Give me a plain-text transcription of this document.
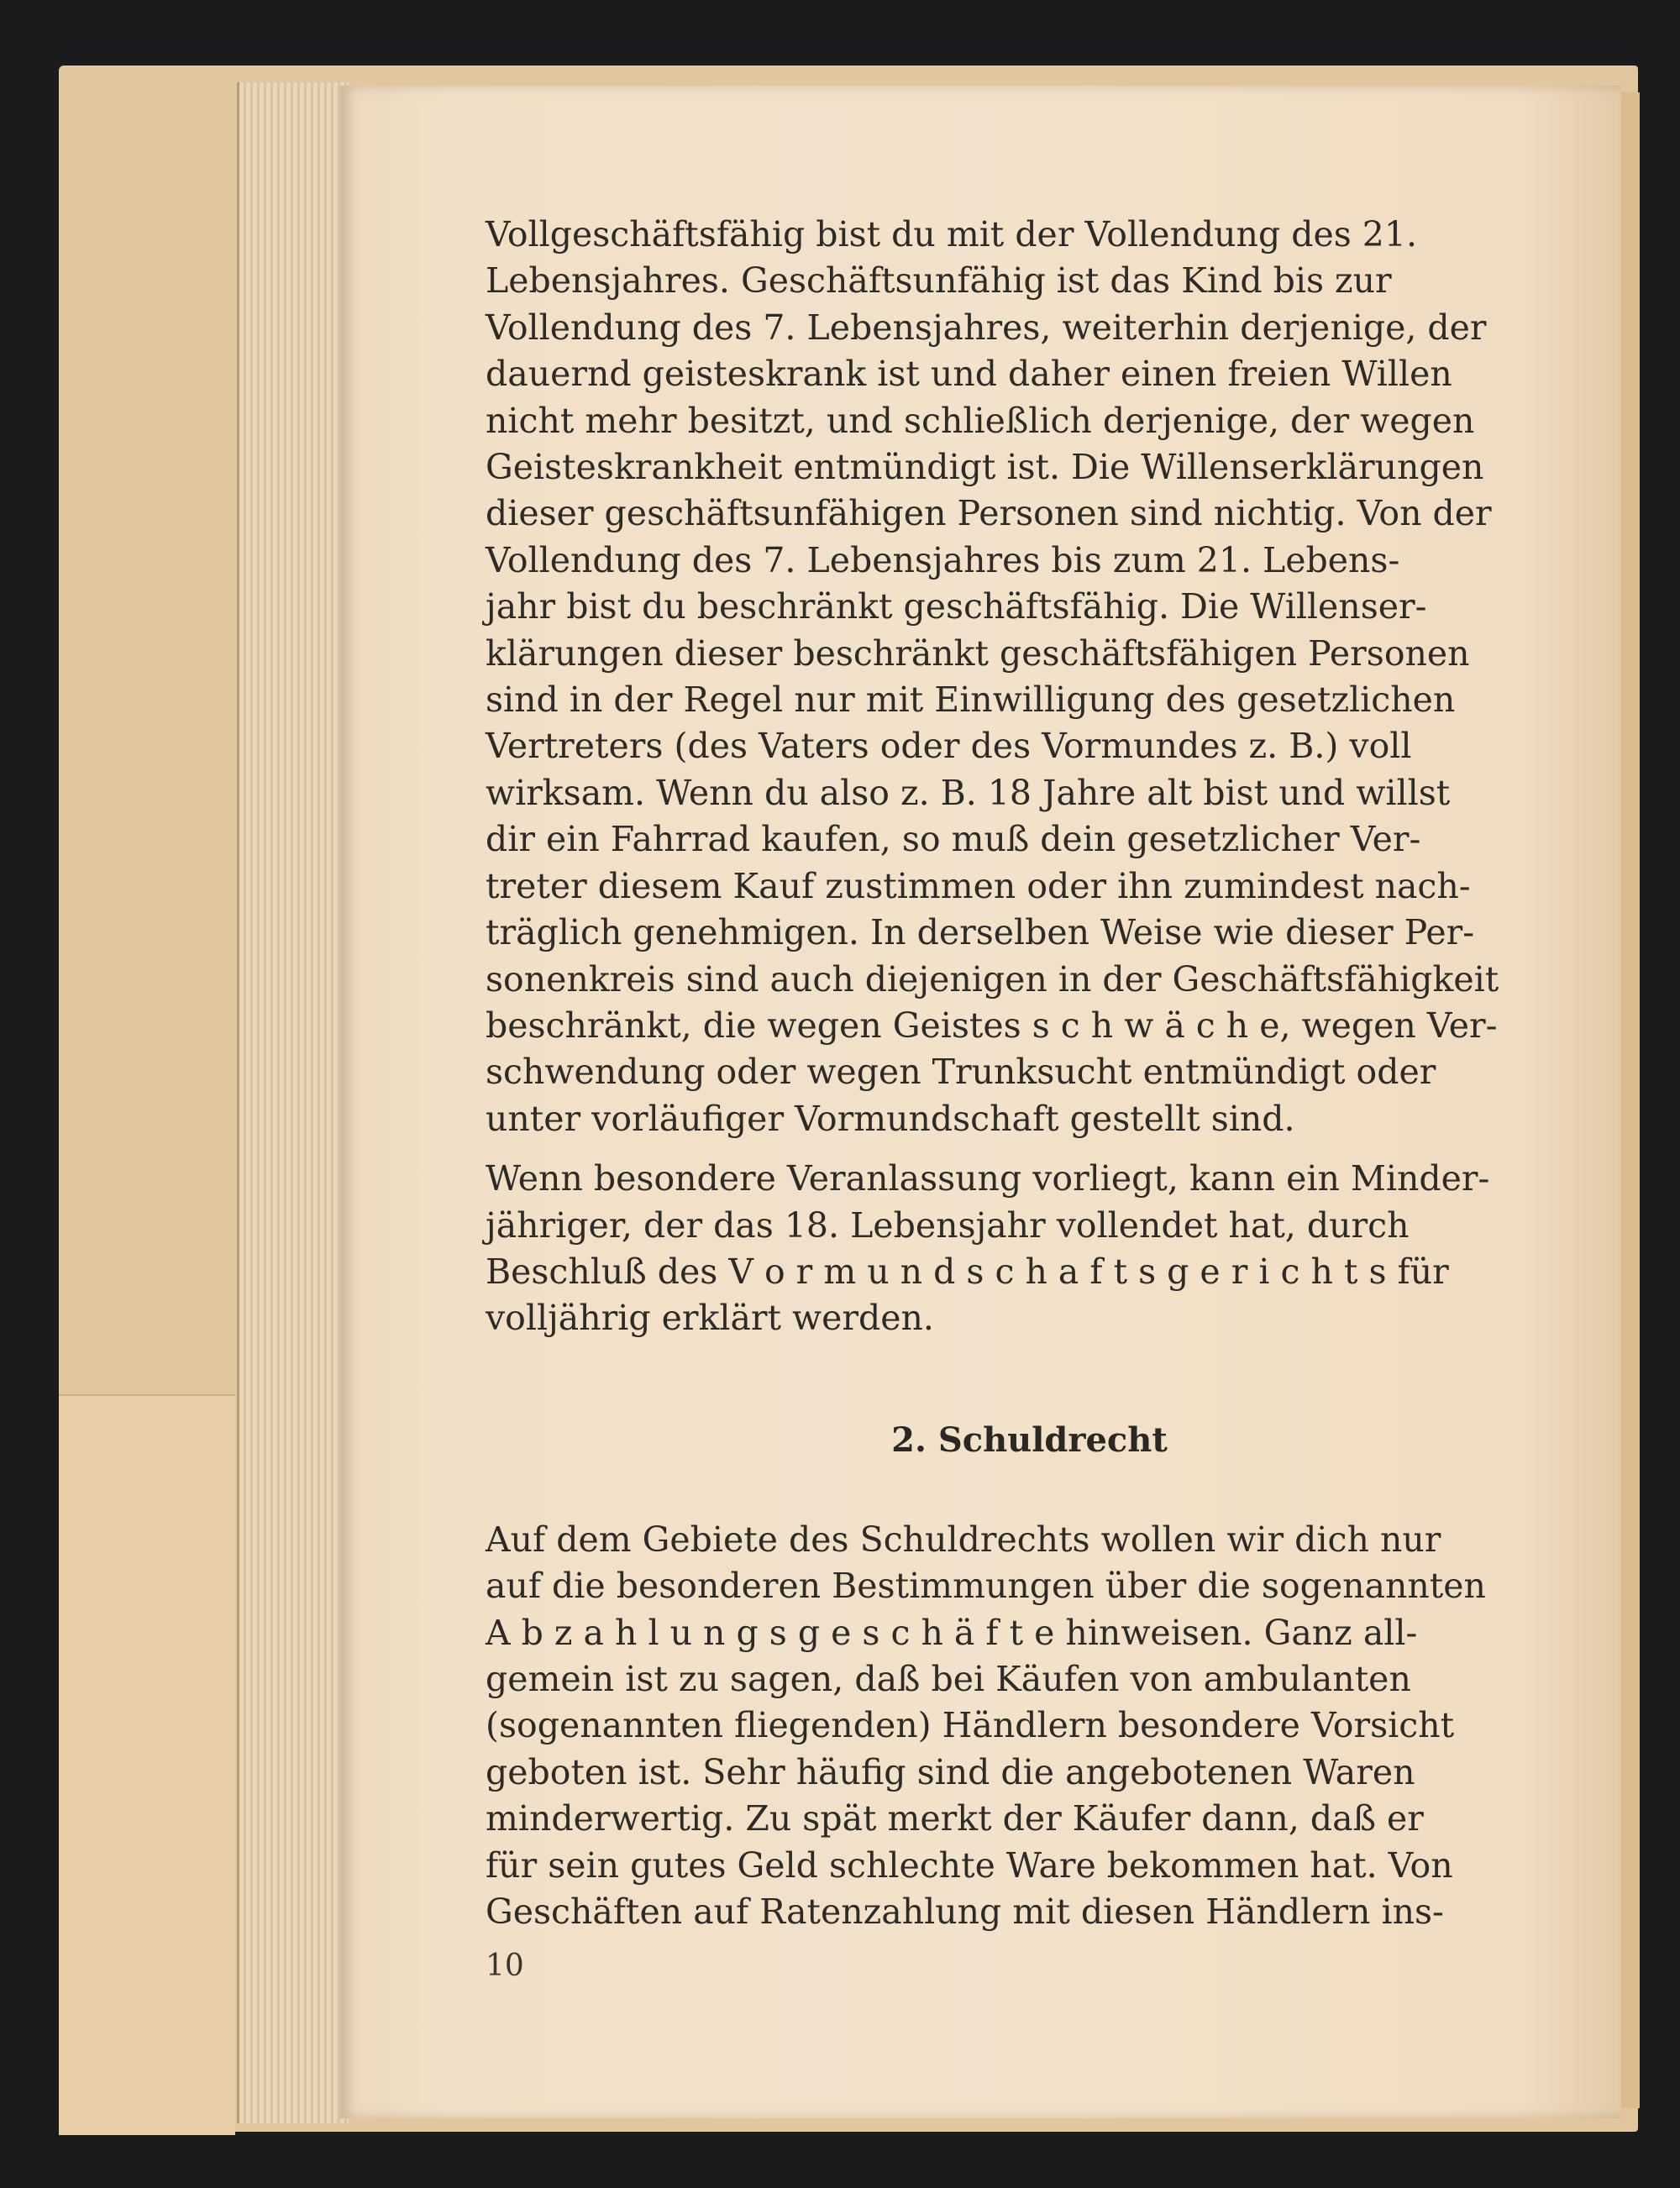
Vollgeschäftsfähig bist du mit der Vollendung des 21.
Lebensjahres. Geschäftsunfähig ist das Kind bis zur
Vollendung des 7. Lebensjahres, weiterhin derjenige, der
dauernd geisteskrank ist und daher einen freien Willen
nicht mehr besitzt, und schließlich derjenige, der wegen
Geisteskrankheit entmündigt ist. Die Willenserklärungen
dieser geschäftsunfähigen Personen sind nichtig. Von der
Vollendung des 7. Lebensjahres bis zum 21. Lebens-
jahr bist du beschränkt geschäftsfähig. Die Willenser-
klärungen dieser beschränkt geschäftsfähigen Personen
sind in der Regel nur mit Einwilligung des gesetzlichen
Vertreters (des Vaters oder des Vormundes z. B.) voll
wirksam. Wenn du also z. B. 18 Jahre alt bist und willst
dir ein Fahrrad kaufen, so muß dein gesetzlicher Ver-
treter diesem Kauf zustimmen oder ihn zumindest nach-
träglich genehmigen. In derselben Weise wie dieser Per-
sonenkreis sind auch diejenigen in der Geschäftsfähigkeit
beschränkt, die wegen Geistes s c h w ä c h e, wegen Ver-
schwendung oder wegen Trunksucht entmündigt oder
unter vorläufiger Vormundschaft gestellt sind.

Wenn besondere Veranlassung vorliegt, kann ein Minder-
jähriger, der das 18. Lebensjahr vollendet hat, durch
Beschluß des V o r m u n d s c h a f t s g e r i c h t s für
volljährig erklärt werden.

2. Schuldrecht

Auf dem Gebiete des Schuldrechts wollen wir dich nur
auf die besonderen Bestimmungen über die sogenannten
A b z a h l u n g s g e s c h ä f t e hinweisen. Ganz all-
gemein ist zu sagen, daß bei Käufen von ambulanten
(sogenannten fliegenden) Händlern besondere Vorsicht
geboten ist. Sehr häufig sind die angebotenen Waren
minderwertig. Zu spät merkt der Käufer dann, daß er
für sein gutes Geld schlechte Ware bekommen hat. Von
Geschäften auf Ratenzahlung mit diesen Händlern ins-

10
